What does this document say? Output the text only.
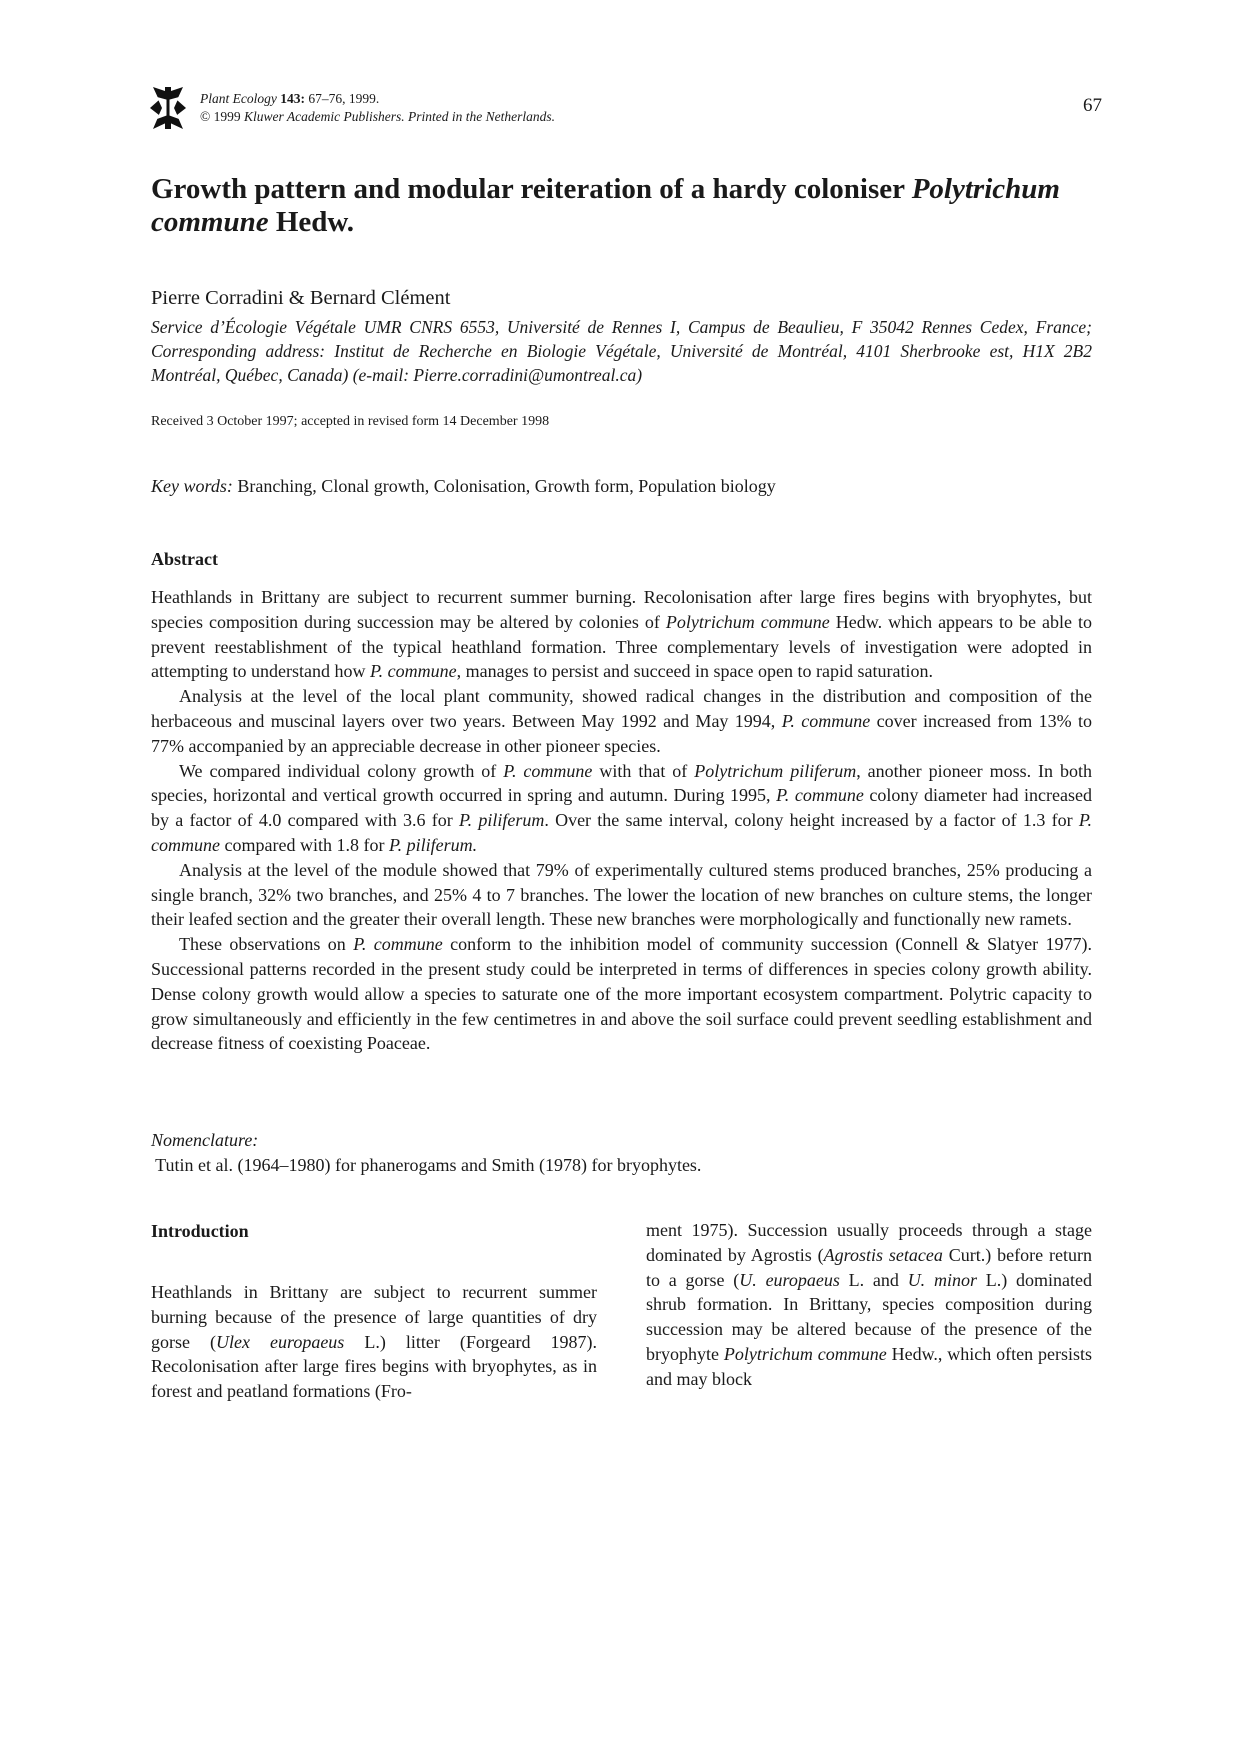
Plant Ecology 143: 67–76, 1999.
© 1999 Kluwer Academic Publishers. Printed in the Netherlands.
67
Growth pattern and modular reiteration of a hardy coloniser Polytrichum commune Hedw.
Pierre Corradini & Bernard Clément
Service d’Écologie Végétale UMR CNRS 6553, Université de Rennes I, Campus de Beaulieu, F 35042 Rennes Cedex, France; Corresponding address: Institut de Recherche en Biologie Végétale, Université de Montréal, 4101 Sherbrooke est, H1X 2B2 Montréal, Québec, Canada) (e-mail: Pierre.corradini@umontreal.ca)
Received 3 October 1997; accepted in revised form 14 December 1998
Key words: Branching, Clonal growth, Colonisation, Growth form, Population biology
Abstract

Heathlands in Brittany are subject to recurrent summer burning. Recolonisation after large fires begins with bryophytes, but species composition during succession may be altered by colonies of Polytrichum commune Hedw. which appears to be able to prevent reestablishment of the typical heathland formation. Three complementary levels of investigation were adopted in attempting to understand how P. commune, manages to persist and succeed in space open to rapid saturation.

Analysis at the level of the local plant community, showed radical changes in the distribution and composition of the herbaceous and muscinal layers over two years. Between May 1992 and May 1994, P. commune cover increased from 13% to 77% accompanied by an appreciable decrease in other pioneer species.

We compared individual colony growth of P. commune with that of Polytrichum piliferum, another pioneer moss. In both species, horizontal and vertical growth occurred in spring and autumn. During 1995, P. commune colony diameter had increased by a factor of 4.0 compared with 3.6 for P. piliferum. Over the same interval, colony height increased by a factor of 1.3 for P. commune compared with 1.8 for P. piliferum.

Analysis at the level of the module showed that 79% of experimentally cultured stems produced branches, 25% producing a single branch, 32% two branches, and 25% 4 to 7 branches. The lower the location of new branches on culture stems, the longer their leafed section and the greater their overall length. These new branches were morphologically and functionally new ramets.

These observations on P. commune conform to the inhibition model of community succession (Connell & Slatyer 1977). Successional patterns recorded in the present study could be interpreted in terms of differences in species colony growth ability. Dense colony growth would allow a species to saturate one of the more important ecosystem compartment. Polytric capacity to grow simultaneously and efficiently in the few centimetres in and above the soil surface could prevent seedling establishment and decrease fitness of coexisting Poaceae.

Nomenclature:
Tutin et al. (1964–1980) for phanerogams and Smith (1978) for bryophytes.
Introduction

Heathlands in Brittany are subject to recurrent summer burning because of the presence of large quantities of dry gorse (Ulex europaeus L.) litter (Forgeard 1987). Recolonisation after large fires begins with bryophytes, as in forest and peatland formations (Fro-

ment 1975). Succession usually proceeds through a stage dominated by Agrostis (Agrostis setacea Curt.) before return to a gorse (U. europaeus L. and U. minor L.) dominated shrub formation. In Brittany, species composition during succession may be altered because of the presence of the bryophyte Polytrichum commune Hedw., which often persists and may block
